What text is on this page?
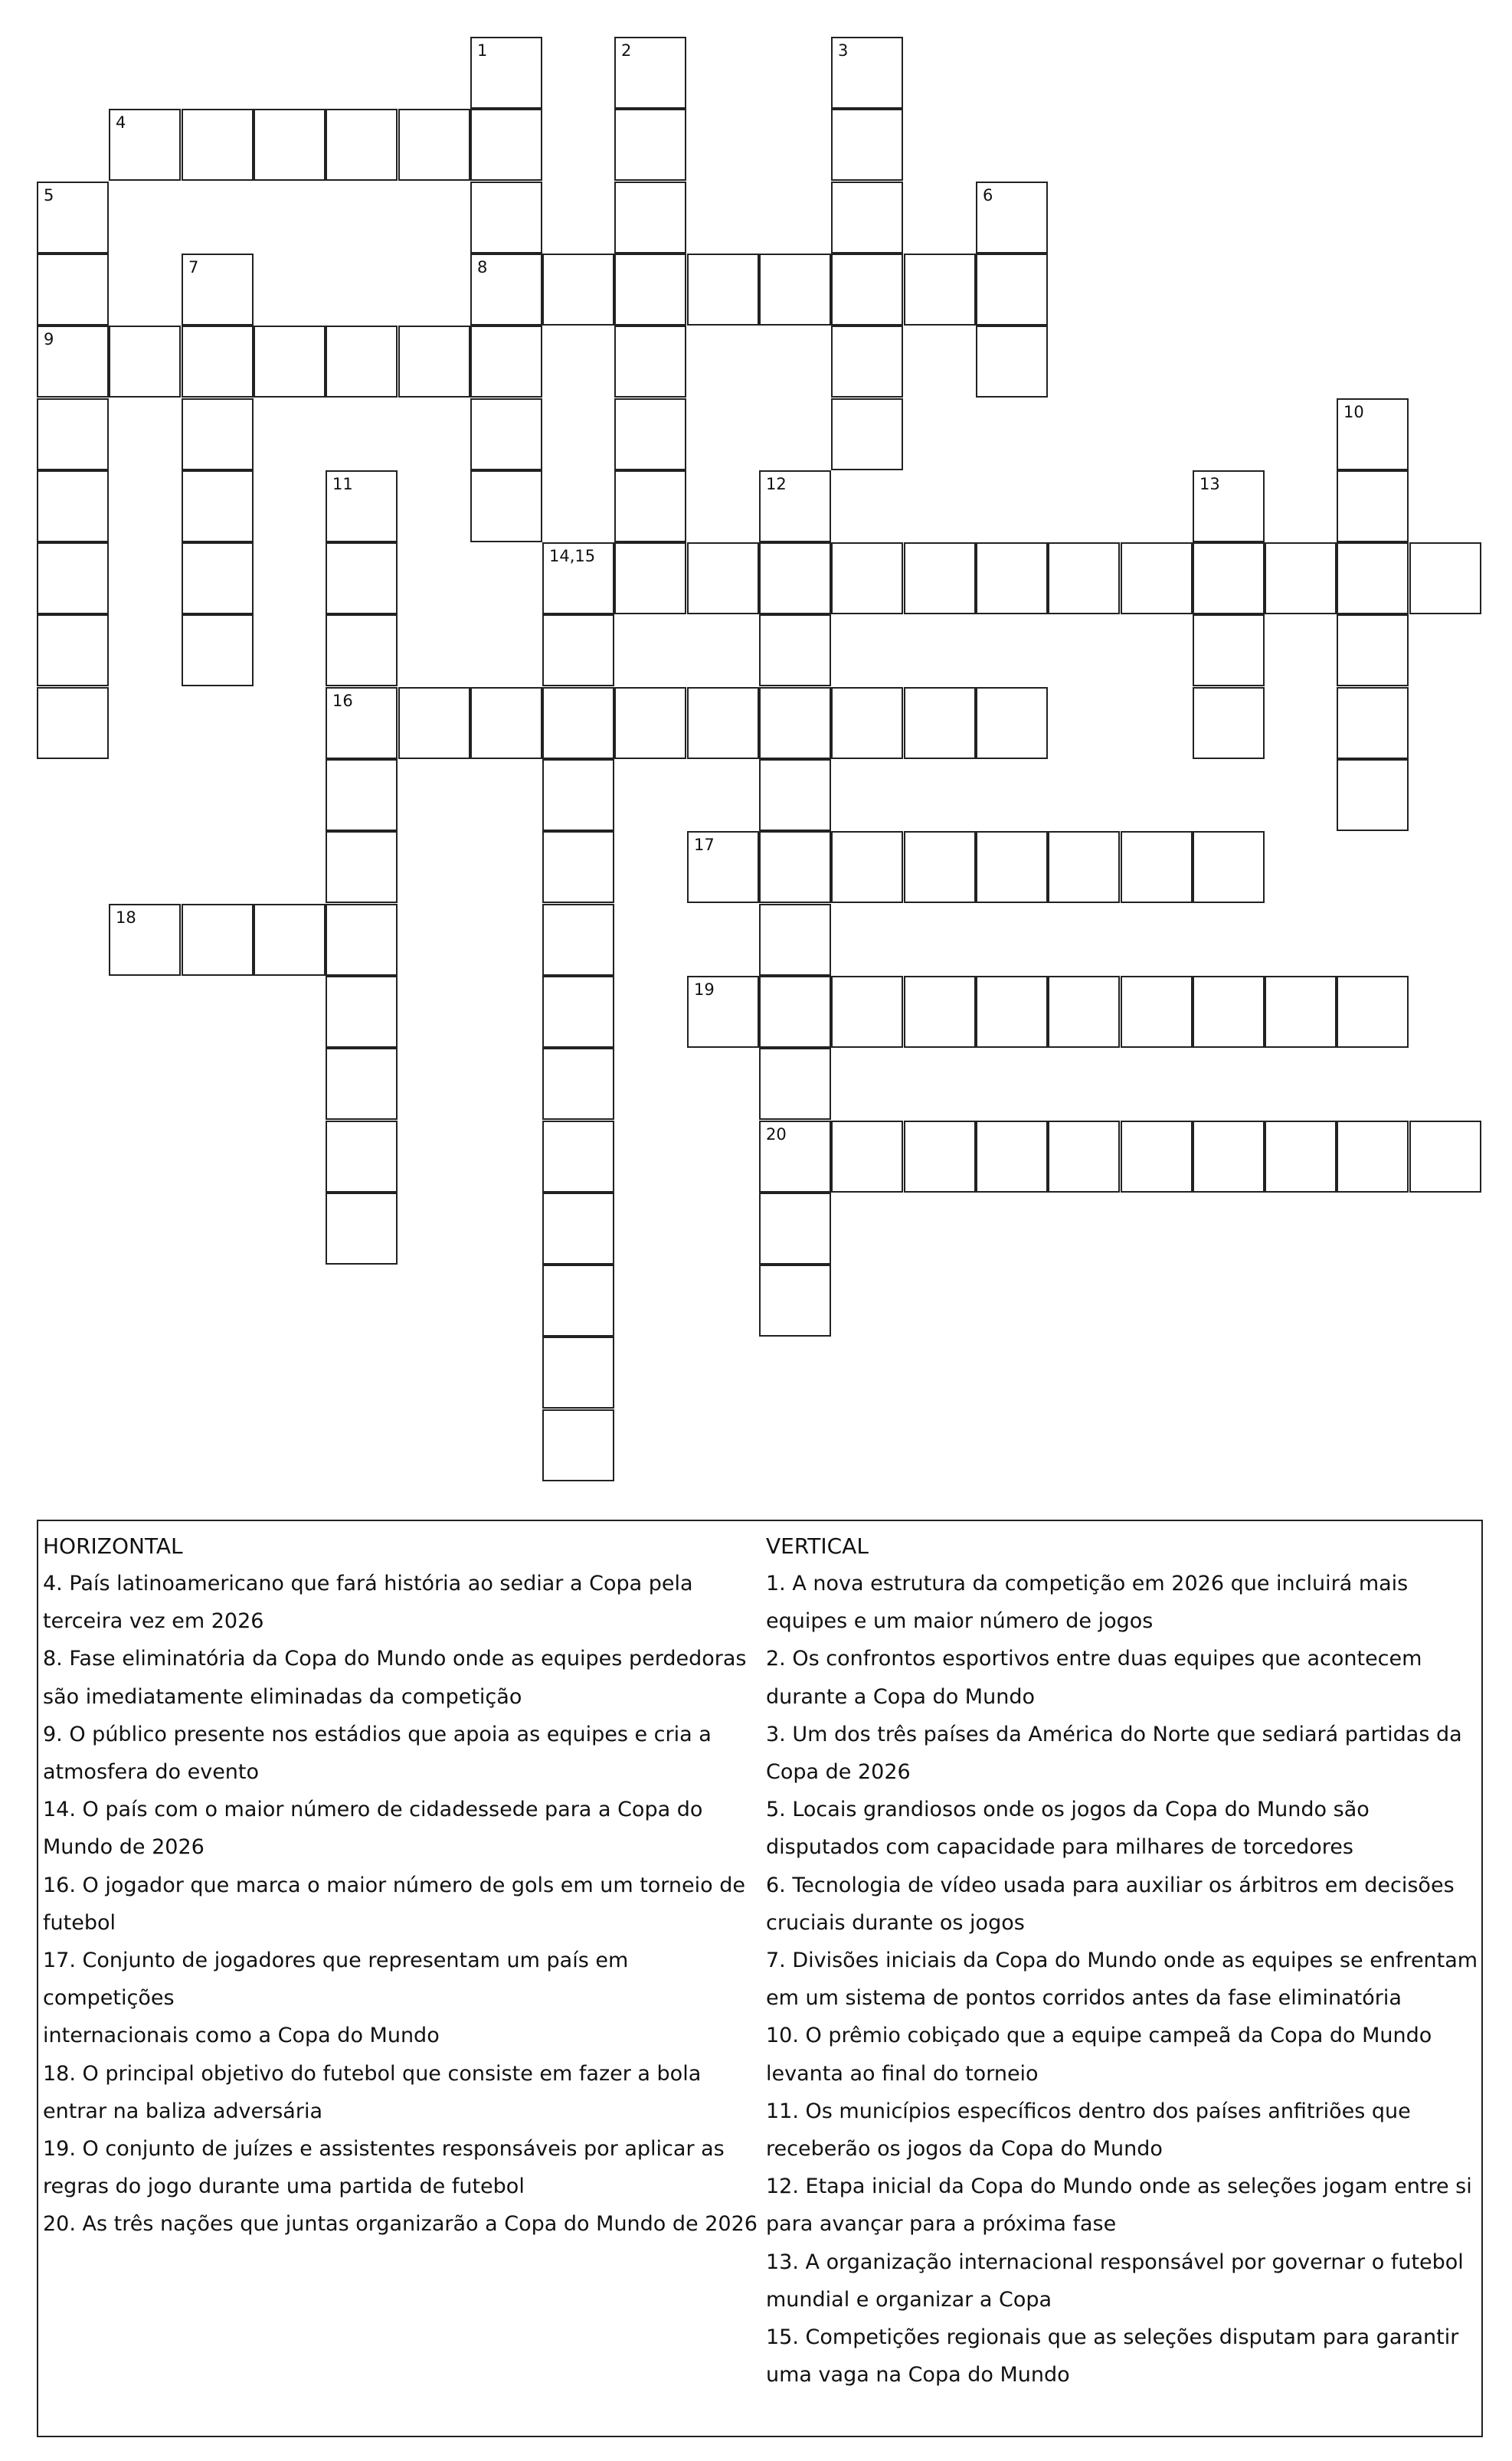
1	2	3
4
5	6
7	8
9
10
11	12	13
14,15
16
17
18
19
20
HORIZONTAL
4. País latinoamericano que fará história ao sediar a Copa pela
terceira vez em 2026
8. Fase eliminatória da Copa do Mundo onde as equipes perdedoras
são imediatamente eliminadas da competição
9. O público presente nos estádios que apoia as equipes e cria a
atmosfera do evento
14. O país com o maior número de cidadessede para a Copa do
Mundo de 2026
16. O jogador que marca o maior número de gols em um torneio de
futebol
17. Conjunto de jogadores que representam um país em competições
internacionais como a Copa do Mundo
18. O principal objetivo do futebol que consiste em fazer a bola
entrar na baliza adversária
19. O conjunto de juízes e assistentes responsáveis por aplicar as
regras do jogo durante uma partida de futebol
20. As três nações que juntas organizarão a Copa do Mundo de 2026
VERTICAL
1. A nova estrutura da competição em 2026 que incluirá mais
equipes e um maior número de jogos
2. Os confrontos esportivos entre duas equipes que acontecem
durante a Copa do Mundo
3. Um dos três países da América do Norte que sediará partidas da
Copa de 2026
5. Locais grandiosos onde os jogos da Copa do Mundo são
disputados com capacidade para milhares de torcedores
6. Tecnologia de vídeo usada para auxiliar os árbitros em decisões
cruciais durante os jogos
7. Divisões iniciais da Copa do Mundo onde as equipes se enfrentam
em um sistema de pontos corridos antes da fase eliminatória
10. O prêmio cobiçado que a equipe campeã da Copa do Mundo
levanta ao final do torneio
11. Os municípios específicos dentro dos países anfitriões que
receberão os jogos da Copa do Mundo
12. Etapa inicial da Copa do Mundo onde as seleções jogam entre si
para avançar para a próxima fase
13. A organização internacional responsável por governar o futebol
mundial e organizar a Copa
15. Competições regionais que as seleções disputam para garantir
uma vaga na Copa do Mundo
